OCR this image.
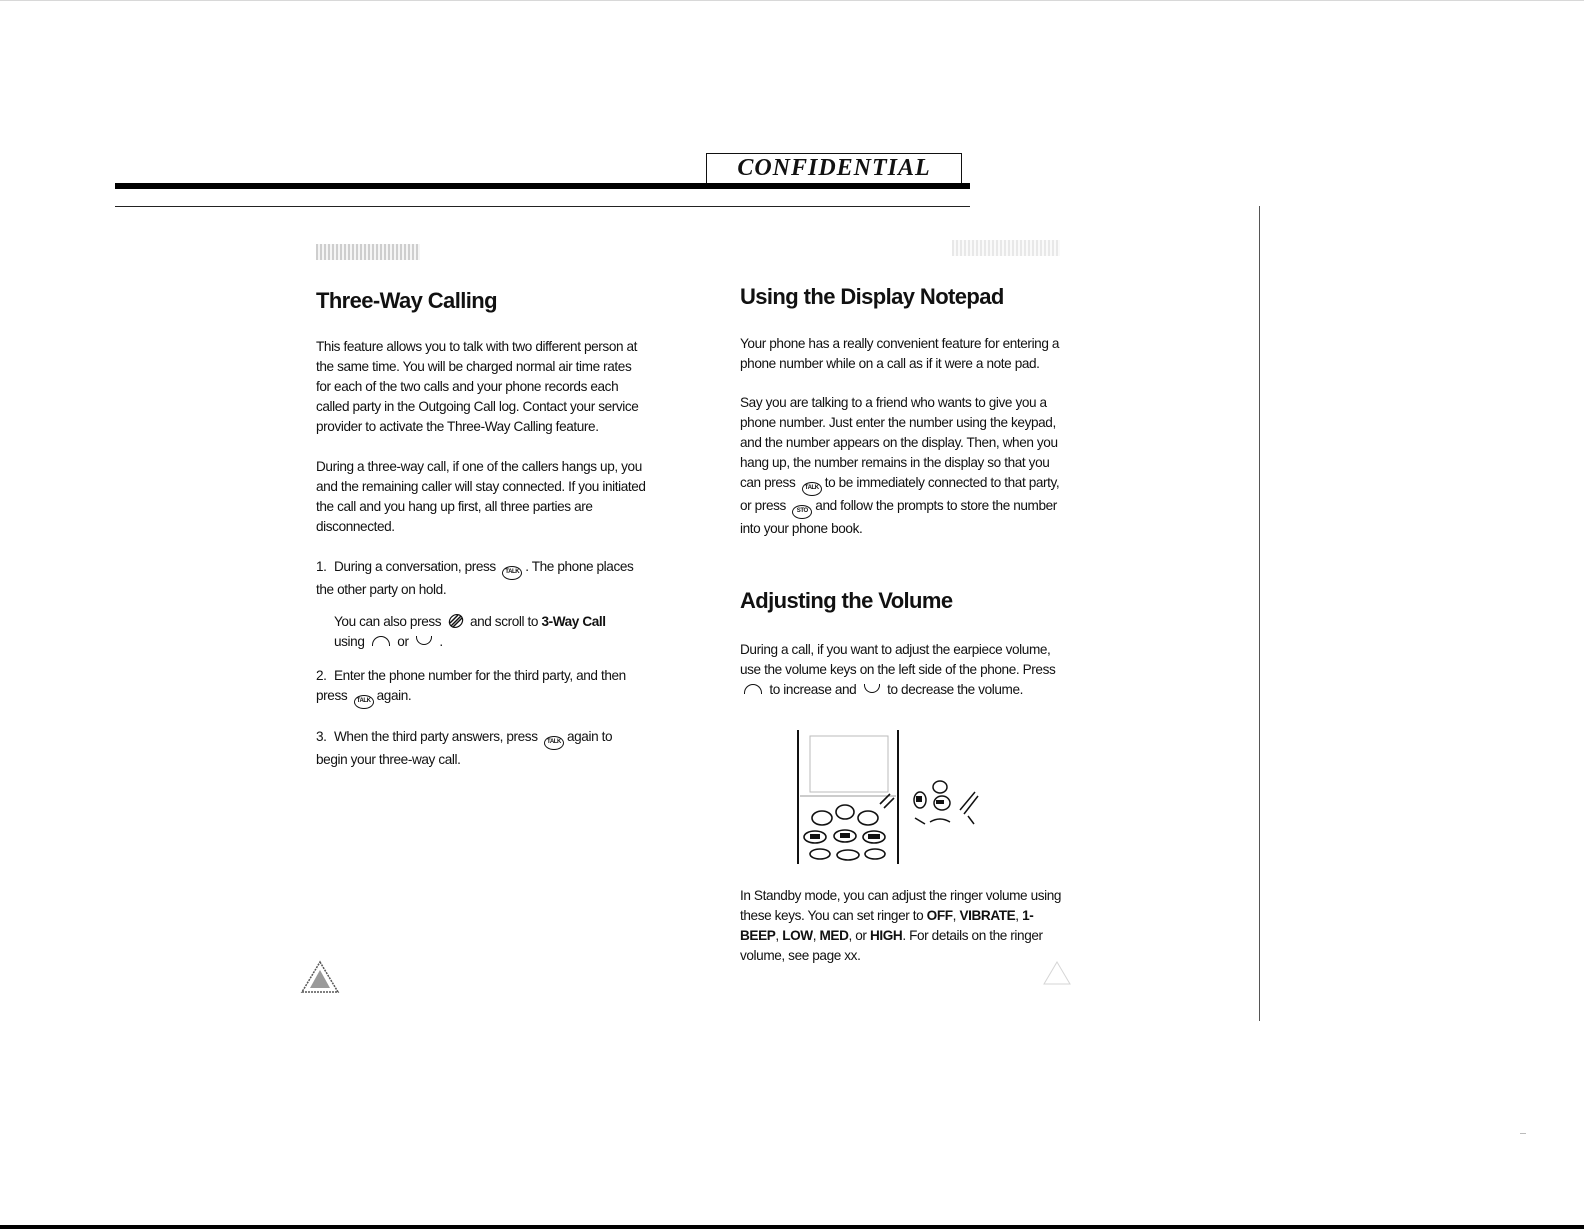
CONFIDENTIAL
Three-Way Calling

This feature allows you to talk with two different person at the same time. You will be charged normal air time rates for each of the two calls and your phone records each called party in the Outgoing Call log. Contact your service provider to activate the Three-Way Calling feature.

During a three-way call, if one of the callers hangs up, you and the remaining caller will stay connected. If you initiated the call and you hang up first, all three parties are disconnected.

1. During a conversation, press TALK . The phone places the other party on hold.
You can also press and scroll to 3-Way Call
using or .
2. Enter the phone number for the third party, and then press TALK again.
3. When the third party answers, press TALK again to begin your three-way call.
Using the Display Notepad

Your phone has a really convenient feature for entering a phone number while on a call as if it were a note pad.

Say you are talking to a friend who wants to give you a phone number. Just enter the number using the keypad, and the number appears on the display. Then, when you hang up, the number remains in the display so that you can press TALK to be immediately connected to that party, or press STO and follow the prompts to store the number into your phone book.

Adjusting the Volume

During a call, if you want to adjust the earpiece volume, use the volume keys on the left side of the phone. Press  to increase and to decrease the volume.

In Standby mode, you can adjust the ringer volume using these keys. You can set ringer to OFF, VIBRATE, 1-BEEP, LOW, MED, or HIGH. For details on the ringer volume, see page xx.
